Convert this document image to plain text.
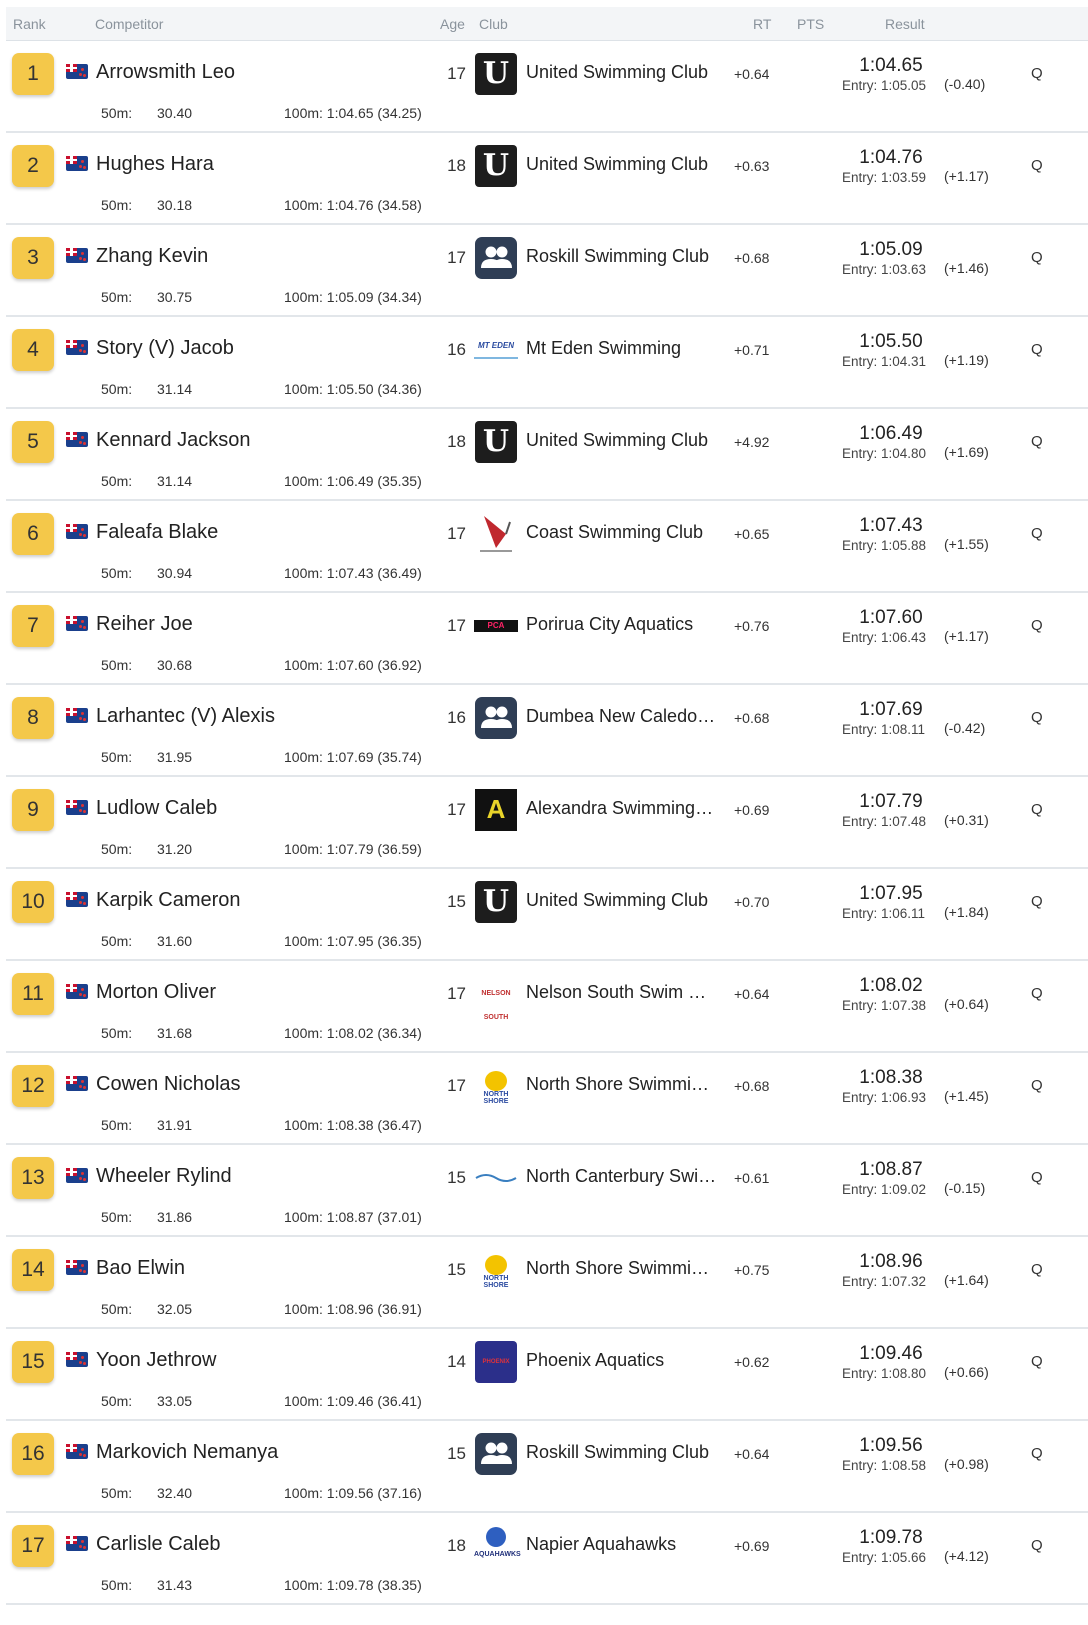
Rank	Competitor	Age Club	RT PTS	Result
1	Arrowsmith Leo	17 U United Swimming Club	+0.64	1:04.65
Entry: 1:05.05 (-0.40)
Q
50m: 30.40	100m: 1:04.65 (34.25)
2	Hughes Hara	18 U United Swimming Club	+0.63	1:04.76
Entry: 1:03.59 (+1.17)
Q
50m: 30.18	100m: 1:04.76 (34.58)
3	Zhang Kevin	17	Roskill Swimming Club	+0.68	1:05.09
Entry: 1:03.63 (+1.46)
Q
50m: 30.75	100m: 1:05.09 (34.34)
4	Story (V) Jacob	16	MT EDEN Mt Eden Swimming	+0.71	1:05.50
Entry: 1:04.31 (+1.19)
Q
50m: 31.14	100m: 1:05.50 (34.36)
5	Kennard Jackson	18 U United Swimming Club	+4.92	1:06.49
Entry: 1:04.80 (+1.69)
Q
50m: 31.14	100m: 1:06.49 (35.35)
6	Faleafa Blake	17	Coast Swimming Club	+0.65	1:07.43
Entry: 1:05.88 (+1.55)
Q
50m: 30.94	100m: 1:07.43 (36.49)
7	Reiher Joe	17	PCA	Porirua City Aquatics	+0.76	1:07.60
Entry: 1:06.43 (+1.17)
Q
50m: 30.68	100m: 1:07.60 (36.92)
8	Larhantec (V) Alexis	16	Dumbea New Caledo…	+0.68	1:07.69
Entry: 1:08.11 (-0.42)
Q
50m: 31.95	100m: 1:07.69 (35.74)
9	Ludlow Caleb	17 A	Alexandra Swimming…	+0.69	1:07.79
Entry: 1:07.48 (+0.31)
Q
50m: 31.20	100m: 1:07.79 (36.59)
10	Karpik Cameron	15 U United Swimming Club	+0.70	1:07.95
Entry: 1:06.11 (+1.84)
Q
50m: 31.60	100m: 1:07.95 (36.35)
11	Morton Oliver	17	NELSON SOUTH
Nelson South Swim …	+0.64	1:08.02
Entry: 1:07.38 (+0.64)
Q
50m: 31.68	100m: 1:08.02 (36.34)
12	Cowen Nicholas	17	NORTH SHORE
North Shore Swimmi…	+0.68	1:08.38
Entry: 1:06.93 (+1.45)
Q
50m: 31.91	100m: 1:08.38 (36.47)
13	Wheeler Rylind	15	North Canterbury Swi…	+0.61	1:08.87
Entry: 1:09.02 (-0.15)
Q
50m: 31.86	100m: 1:08.87 (37.01)
14	Bao Elwin	15	NORTH SHORE
North Shore Swimmi…	+0.75	1:08.96
Entry: 1:07.32 (+1.64)
Q
50m: 32.05	100m: 1:08.96 (36.91)
15	Yoon Jethrow	14	PHOENIX Phoenix Aquatics	+0.62	1:09.46
Entry: 1:08.80 (+0.66)
Q
50m: 33.05	100m: 1:09.46 (36.41)
16	Markovich Nemanya	15	Roskill Swimming Club	+0.64	1:09.56
Entry: 1:08.58 (+0.98)
Q
50m: 32.40	100m: 1:09.56 (37.16)
17	Carlisle Caleb	18 AQUAHAWKS
Napier Aquahawks	+0.69	1:09.78
Entry: 1:05.66 (+4.12)
Q
50m: 31.43	100m: 1:09.78 (38.35)
